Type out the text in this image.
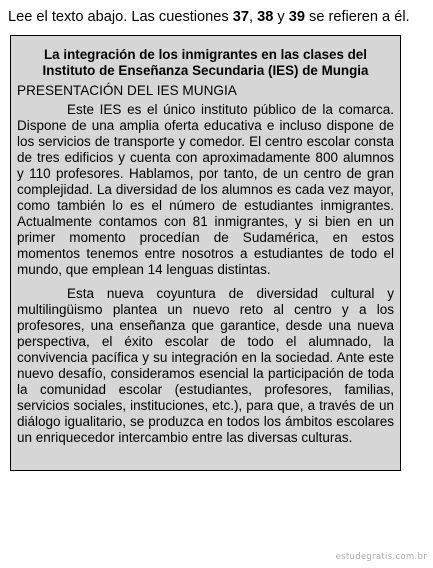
Lee el texto abajo. Las cuestiones 37, 38 y 39 se refieren a él.
La integración de los inmigrantes en las clases del
Instituto de Enseñanza Secundaria (IES) de Mungia
PRESENTACIÓN DEL IES MUNGIA

Este IES es el único instituto público de la comarca. Dispone de una amplia oferta educativa e incluso dispone de los servicios de transporte y comedor. El centro escolar consta de tres edificios y cuenta con aproximadamente 800 alumnos y 110 profesores. Hablamos, por tanto, de un centro de gran complejidad. La diversidad de los alumnos es cada vez mayor, como también lo es el número de estudiantes inmigrantes. Actualmente contamos con 81 inmigrantes, y si bien en un primer momento procedían de Sudamérica, en estos momentos tenemos entre nosotros a estudiantes de todo el mundo, que emplean 14 lenguas distintas.

Esta nueva coyuntura de diversidad cultural y multilingüismo plantea un nuevo reto al centro y a los profesores, una enseñanza que garantice, desde una nueva perspectiva, el éxito escolar de todo el alumnado, la convivencia pacífica y su integración en la sociedad. Ante este nuevo desafío, consideramos esencial la participación de toda la comunidad escolar (estudiantes, profesores, familias, servicios sociales, instituciones, etc.), para que, a través de un diálogo igualitario, se produzca en todos los ámbitos escolares un enriquecedor intercambio entre las diversas culturas.

estudegratis.com.br
